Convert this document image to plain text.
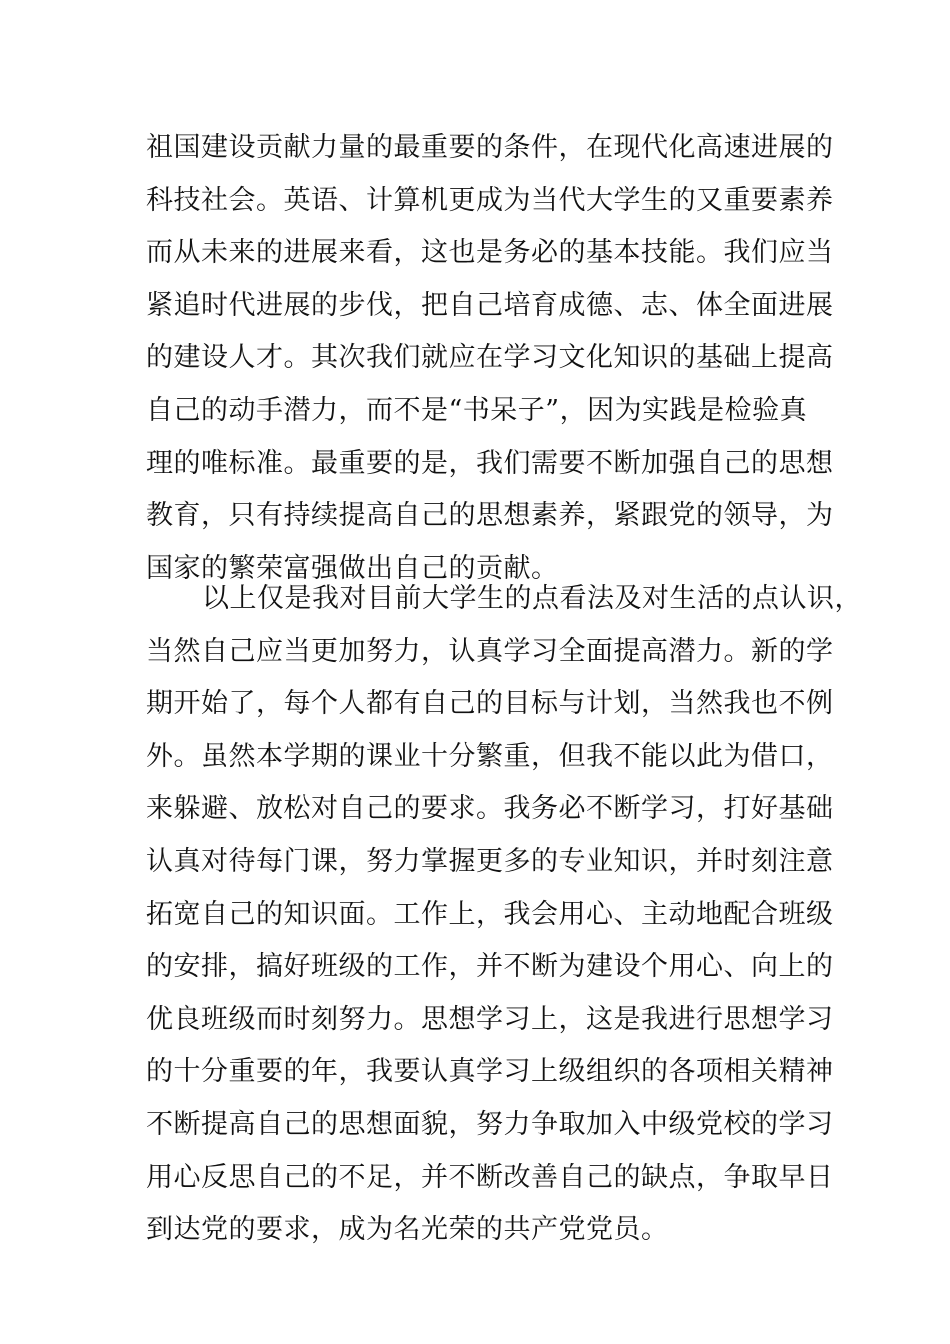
祖国建设贡献力量的最重要的条件，在现代化高速进展的
科技社会。英语、计算机更成为当代大学生的又重要素养
而从未来的进展来看，这也是务必的基本技能。我们应当
紧追时代进展的步伐，把自己培育成德、志、体全面进展
的建设人才。其次我们就应在学习文化知识的基础上提高
自己的动手潜力，而不是“书呆子”，因为实践是检验真
理的唯标准。最重要的是，我们需要不断加强自己的思想
教育，只有持续提高自己的思想素养，紧跟党的领导，为
国家的繁荣富强做出自己的贡献。
以上仅是我对目前大学生的点看法及对生活的点认识，
当然自己应当更加努力，认真学习全面提高潜力。新的学
期开始了，每个人都有自己的目标与计划，当然我也不例
外。虽然本学期的课业十分繁重，但我不能以此为借口，
来躲避、放松对自己的要求。我务必不断学习，打好基础
认真对待每门课，努力掌握更多的专业知识，并时刻注意
拓宽自己的知识面。工作上，我会用心、主动地配合班级
的安排，搞好班级的工作，并不断为建设个用心、向上的
优良班级而时刻努力。思想学习上，这是我进行思想学习
的十分重要的年，我要认真学习上级组织的各项相关精神
不断提高自己的思想面貌，努力争取加入中级党校的学习
用心反思自己的不足，并不断改善自己的缺点，争取早日
到达党的要求，成为名光荣的共产党党员。
